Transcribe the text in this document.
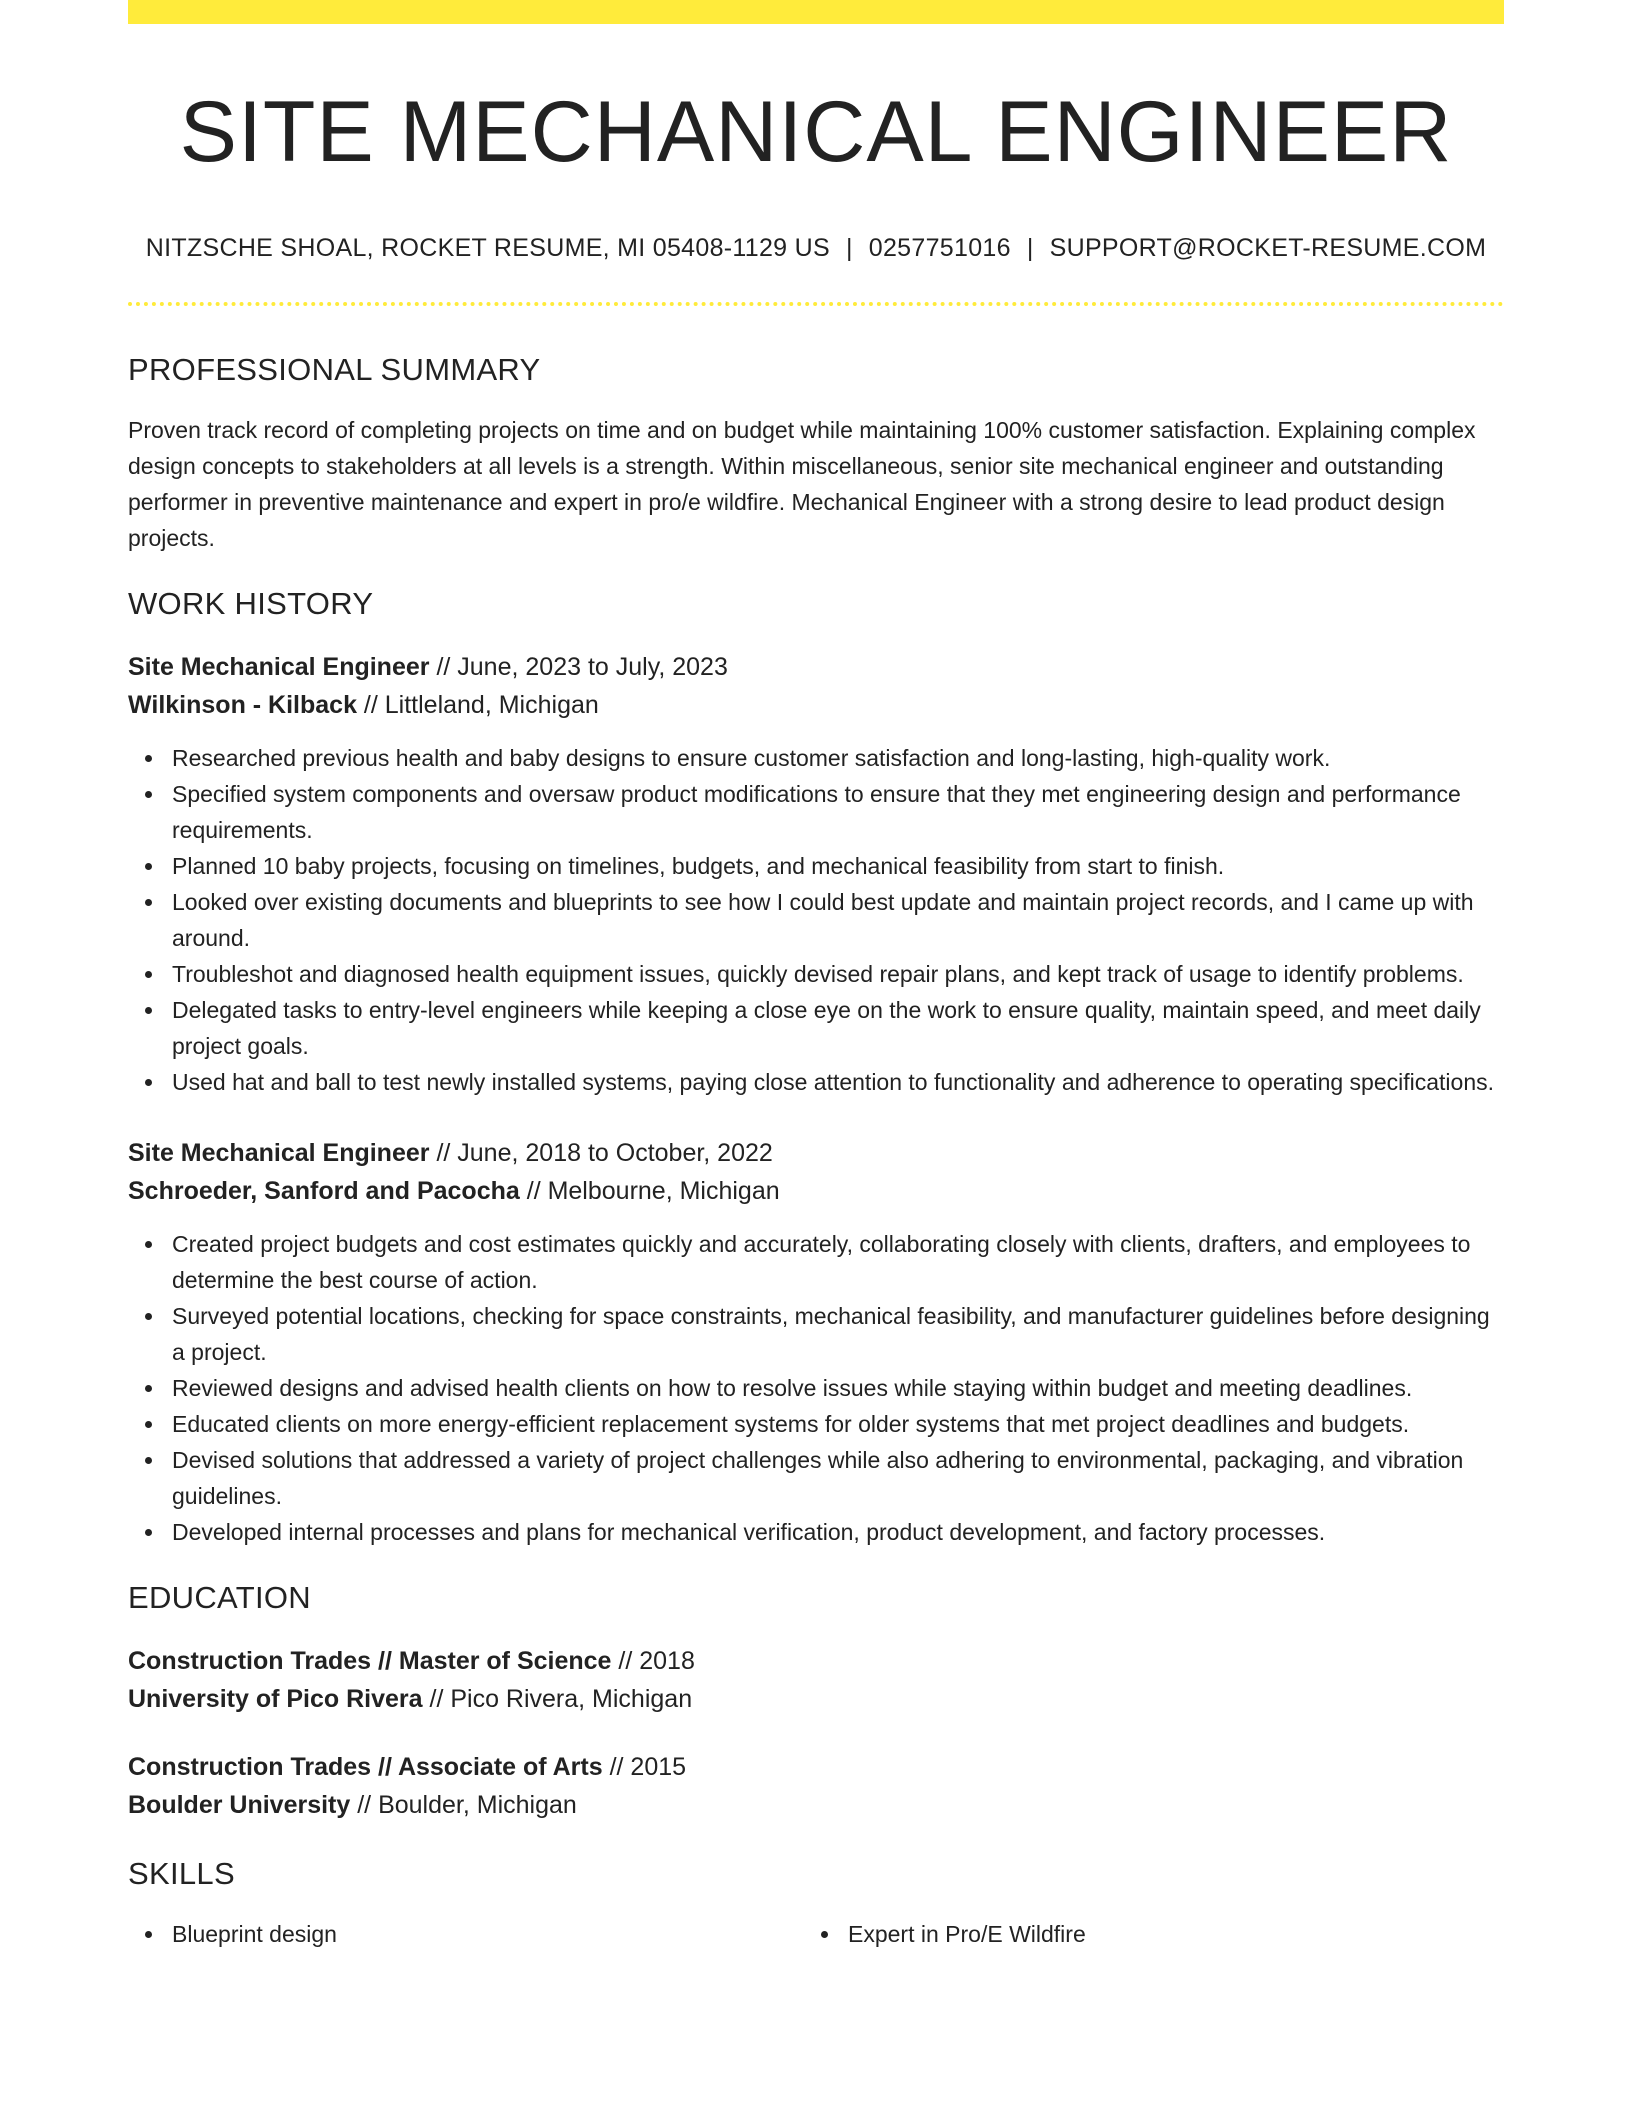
SITE MECHANICAL ENGINEER
NITZSCHE SHOAL, ROCKET RESUME, MI 05408-1129 US | 0257751016 | SUPPORT@ROCKET-RESUME.COM
PROFESSIONAL SUMMARY
Proven track record of completing projects on time and on budget while maintaining 100% customer satisfaction. Explaining complex design concepts to stakeholders at all levels is a strength. Within miscellaneous, senior site mechanical engineer and outstanding performer in preventive maintenance and expert in pro/e wildfire. Mechanical Engineer with a strong desire to lead product design projects.
WORK HISTORY
Site Mechanical Engineer // June, 2023 to July, 2023
Wilkinson - Kilback // Littleland, Michigan
Researched previous health and baby designs to ensure customer satisfaction and long-lasting, high-quality work.
Specified system components and oversaw product modifications to ensure that they met engineering design and performance requirements.
Planned 10 baby projects, focusing on timelines, budgets, and mechanical feasibility from start to finish.
Looked over existing documents and blueprints to see how I could best update and maintain project records, and I came up with around.
Troubleshot and diagnosed health equipment issues, quickly devised repair plans, and kept track of usage to identify problems.
Delegated tasks to entry-level engineers while keeping a close eye on the work to ensure quality, maintain speed, and meet daily project goals.
Used hat and ball to test newly installed systems, paying close attention to functionality and adherence to operating specifications.
Site Mechanical Engineer // June, 2018 to October, 2022
Schroeder, Sanford and Pacocha // Melbourne, Michigan
Created project budgets and cost estimates quickly and accurately, collaborating closely with clients, drafters, and employees to determine the best course of action.
Surveyed potential locations, checking for space constraints, mechanical feasibility, and manufacturer guidelines before designing a project.
Reviewed designs and advised health clients on how to resolve issues while staying within budget and meeting deadlines.
Educated clients on more energy-efficient replacement systems for older systems that met project deadlines and budgets.
Devised solutions that addressed a variety of project challenges while also adhering to environmental, packaging, and vibration guidelines.
Developed internal processes and plans for mechanical verification, product development, and factory processes.
EDUCATION
Construction Trades // Master of Science // 2018
University of Pico Rivera // Pico Rivera, Michigan
Construction Trades // Associate of Arts // 2015
Boulder University // Boulder, Michigan
SKILLS
Blueprint design	Expert in Pro/E Wildfire
